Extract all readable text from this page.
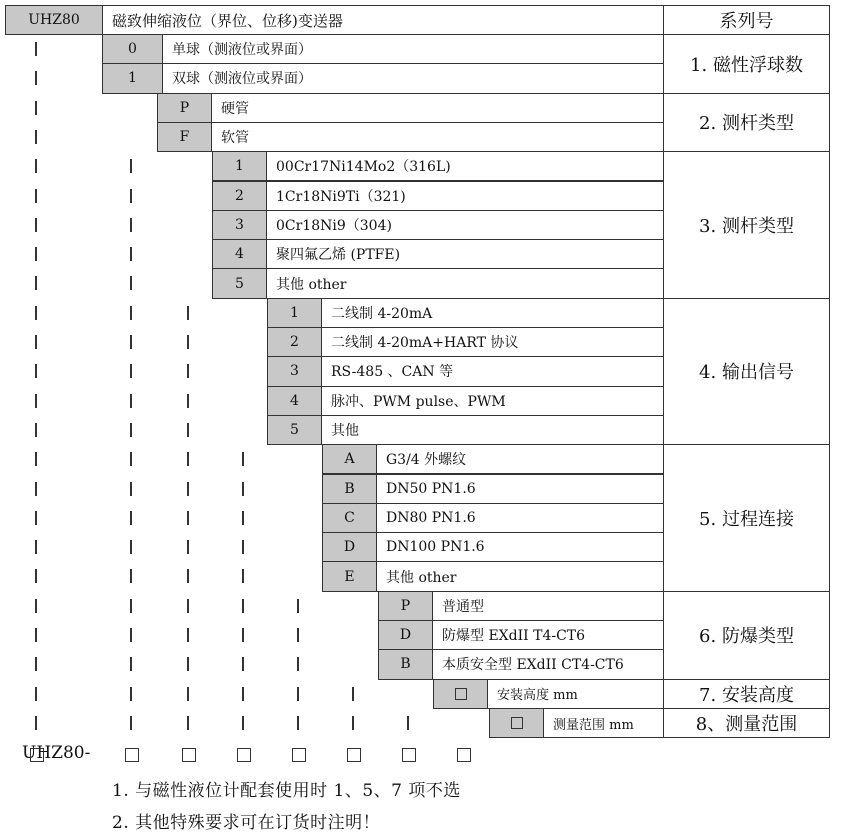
UHZ80	磁致伸缩液位（界位、位移)变送器	系列号
0	单球（测液位或界面）
1	双球（测液位或界面）
1. 磁性浮球数
P	硬管
F	软管
2. 测杆类型
1	00Cr17Ni14Mo2（316L)
2	1Cr18Ni9Ti（321)
3	0Cr18Ni9（304)
4	聚四氟乙烯 (PTFE)
5	其他 other
3. 测杆类型
1	二线制 4-20mA
2	二线制 4-20mA+HART 协议
3	RS-485 、CAN 等
4	脉冲、PWM pulse、PWM
5	其他
4. 输出信号
A	G3/4 外螺纹
B	DN50 PN1.6
C	DN80 PN1.6
D	DN100 PN1.6
E	其他 other
5. 过程连接
P	普通型
D	防爆型 EXdII T4-CT6
B	本质安全型 EXdII CT4-CT6
6. 防爆类型
安装高度 mm	7. 安装高度
测量范围 mm	8、测量范围
UHZ80-
1. 与磁性液位计配套使用时 1、5、7 项不选
2. 其他特殊要求可在订货时注明！
